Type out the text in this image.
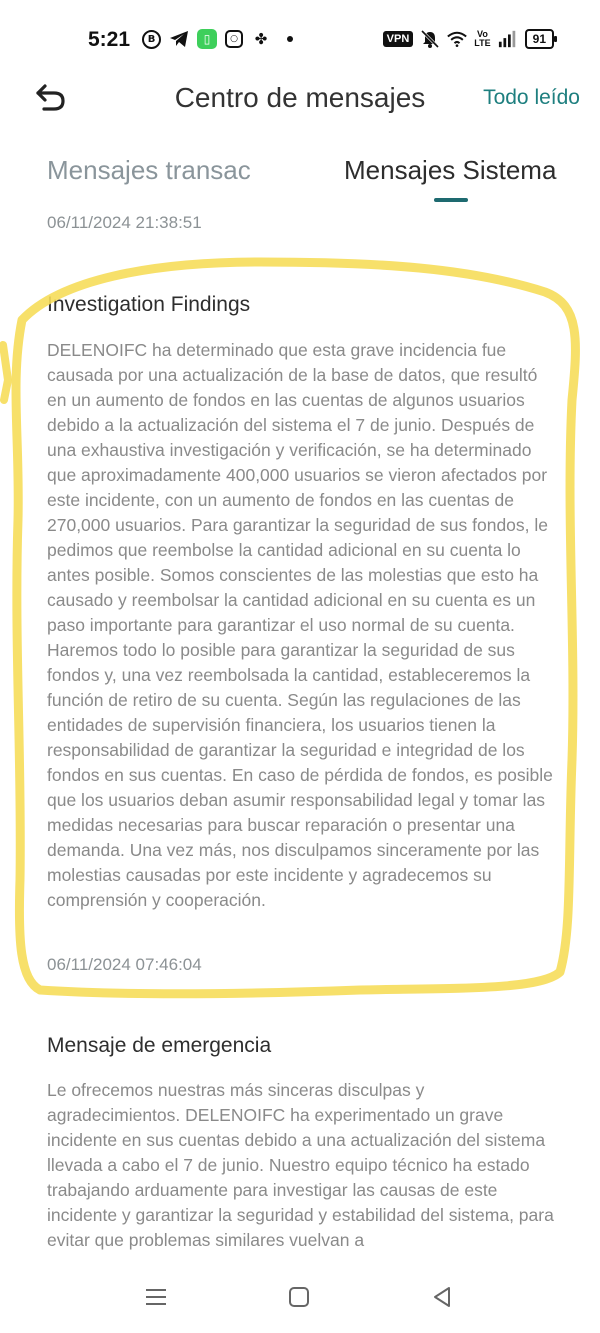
5:21	B	▯	○	✤	VPN	Vo
LTE	91
Centro de mensajes	Todo leído
Mensajes transac	Mensajes Sistema
06/11/2024 21:38:51
Investigation Findings
DELENOIFC ha determinado que esta grave incidencia fue causada por una actualización de la base de datos, que resultó en un aumento de fondos en las cuentas de algunos usuarios debido a la actualización del sistema el 7 de junio. Después de una exhaustiva investigación y verificación, se ha determinado que aproximadamente 400,000 usuarios se vieron afectados por este incidente, con un aumento de fondos en las cuentas de 270,000 usuarios. Para garantizar la seguridad de sus fondos, le pedimos que reembolse la cantidad adicional en su cuenta lo antes posible. Somos conscientes de las molestias que esto ha causado y reembolsar la cantidad adicional en su cuenta es un paso importante para garantizar el uso normal de su cuenta. Haremos todo lo posible para garantizar la seguridad de sus fondos y, una vez reembolsada la cantidad, estableceremos la función de retiro de su cuenta. Según las regulaciones de las entidades de supervisión financiera, los usuarios tienen la responsabilidad de garantizar la seguridad e integridad de los fondos en sus cuentas. En caso de pérdida de fondos, es posible que los usuarios deban asumir responsabilidad legal y tomar las medidas necesarias para buscar reparación o presentar una demanda. Una vez más, nos disculpamos sinceramente por las molestias causadas por este incidente y agradecemos su comprensión y cooperación.
06/11/2024 07:46:04
Mensaje de emergencia
Le ofrecemos nuestras más sinceras disculpas y agradecimientos. DELENOIFC ha experimentado un grave incidente en sus cuentas debido a una actualización del sistema llevada a cabo el 7 de junio. Nuestro equipo técnico ha estado trabajando arduamente para investigar las causas de este incidente y garantizar la seguridad y estabilidad del sistema, para evitar que problemas similares vuelvan a
